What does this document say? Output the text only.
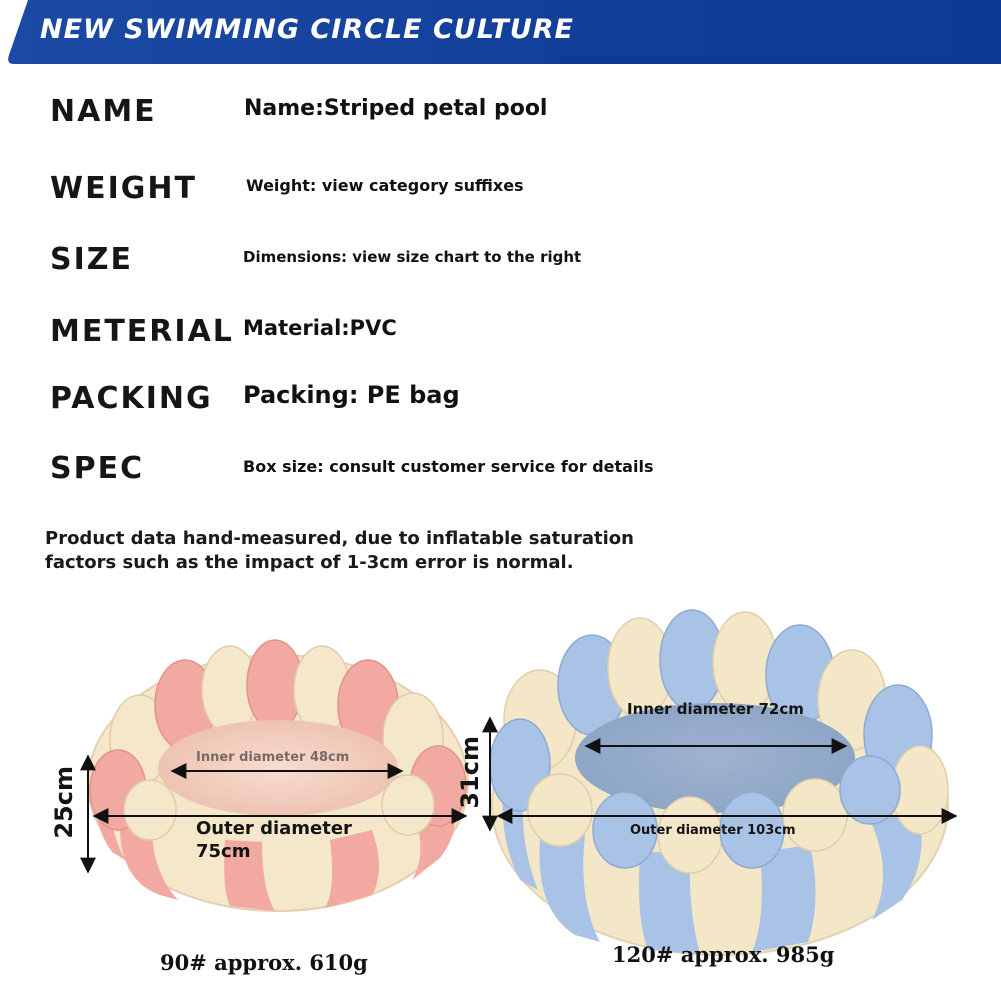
NEW SWIMMING CIRCLE CULTURE
NAME	Name:Striped petal pool
WEIGHT	Weight: view category suffixes
SIZE	Dimensions: view size chart to the right
METERIAL Material:PVC
PACKING Packing: PE bag
SPEC	Box size: consult customer service for details
Product data hand-measured, due to inflatable saturation
factors such as the impact of 1-3cm error is normal.
Inner diameter 48cm
Outer diameter
75cm
25cm
90# approx. 610g
Inner diameter 72cm
Outer diameter 103cm
31cm
120# approx. 985g
